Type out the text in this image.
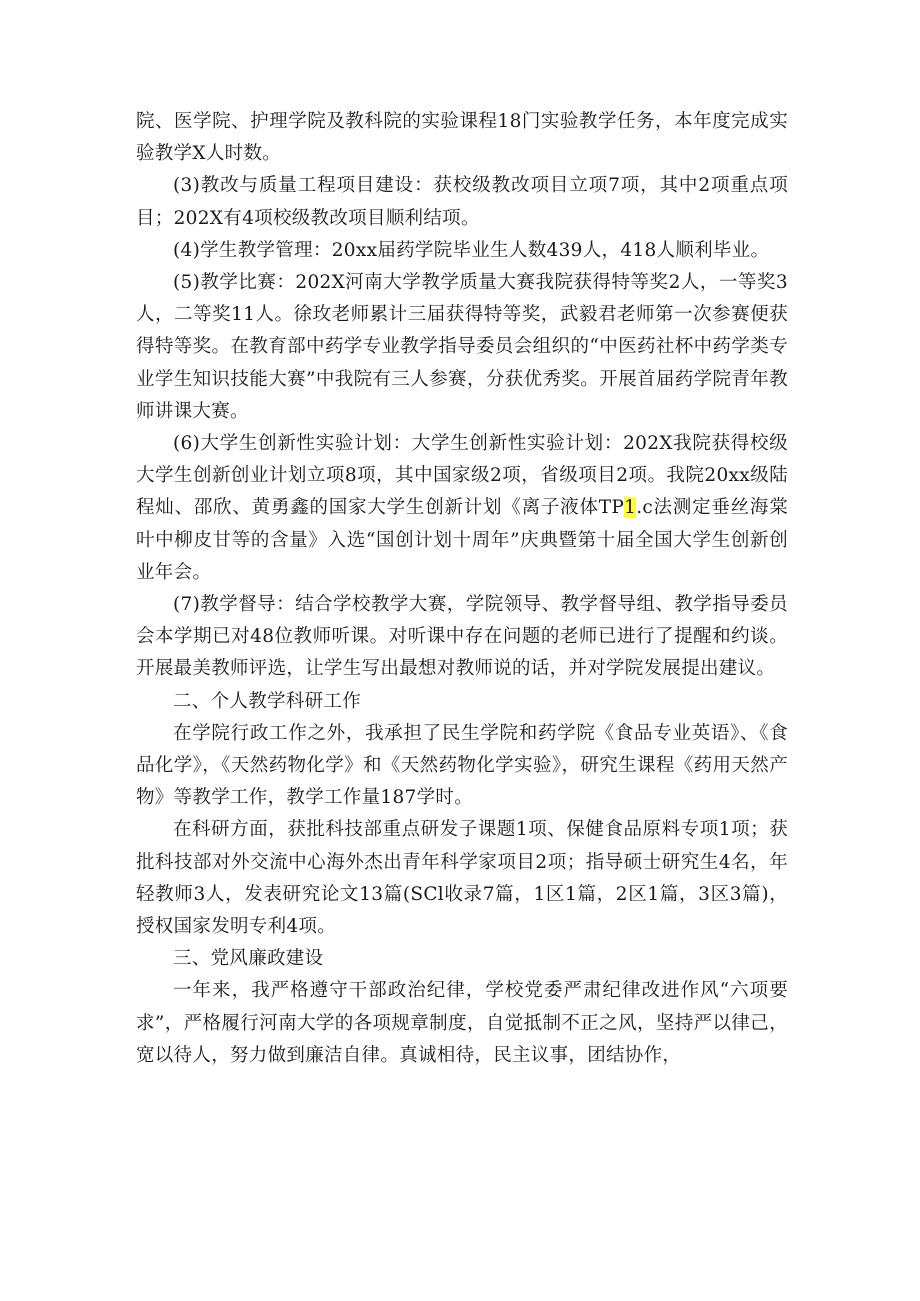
院、医学院、护理学院及教科院的实验课程18门实验教学任务，本年度完成实验教学X人时数。

(3)教改与质量工程项目建设：获校级教改项目立项7项，其中2项重点项目；202X有4项校级教改项目顺利结项。

(4)学生教学管理：20xx届药学院毕业生人数439人，418人顺利毕业。

(5)教学比赛：202X河南大学教学质量大赛我院获得特等奖2人，一等奖3人，二等奖11人。徐玫老师累计三届获得特等奖，武毅君老师第一次参赛便获得特等奖。在教育部中药学专业教学指导委员会组织的“中医药社杯中药学类专业学生知识技能大赛”中我院有三人参赛，分获优秀奖。开展首届药学院青年教师讲课大赛。

(6)大学生创新性实验计划：大学生创新性实验计划：202X我院获得校级大学生创新创业计划立项8项，其中国家级2项，省级项目2项。我院20xx级陆程灿、邵欣、黄勇鑫的国家大学生创新计划《离子液体TP1.c法测定垂丝海棠叶中柳皮甘等的含量》入选“国创计划十周年”庆典暨第十届全国大学生创新创业年会。

(7)教学督导：结合学校教学大赛，学院领导、教学督导组、教学指导委员会本学期已对48位教师听课。对听课中存在问题的老师已进行了提醒和约谈。开展最美教师评选，让学生写出最想对教师说的话，并对学院发展提出建议。

二、个人教学科研工作

在学院行政工作之外，我承担了民生学院和药学院《食品专业英语》、《食品化学》，《天然药物化学》和《天然药物化学实验》，研究生课程《药用天然产物》等教学工作，教学工作量187学时。

在科研方面，获批科技部重点研发子课题1项、保健食品原料专项1项；获批科技部对外交流中心海外杰出青年科学家项目2项；指导硕士研究生4名，年轻教师3人，发表研究论文13篇(SCl收录7篇，1区1篇，2区1篇，3区3篇)，授权国家发明专利4项。

三、党风廉政建设

一年来，我严格遵守干部政治纪律，学校党委严肃纪律改进作风“六项要求”，严格履行河南大学的各项规章制度，自觉抵制不正之风，坚持严以律己，宽以待人，努力做到廉洁自律。真诚相待，民主议事，团结协作，
